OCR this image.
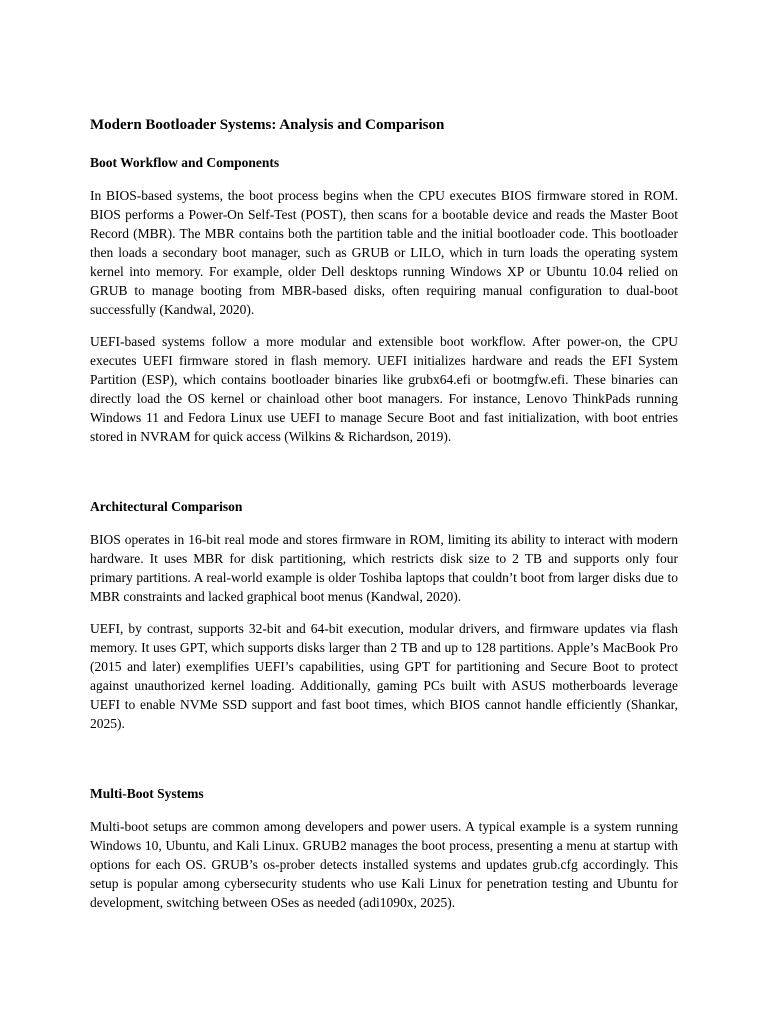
Modern Bootloader Systems: Analysis and Comparison
Boot Workflow and Components

In BIOS-based systems, the boot process begins when the CPU executes BIOS firmware stored in ROM. BIOS performs a Power-On Self-Test (POST), then scans for a bootable device and reads the Master Boot Record (MBR). The MBR contains both the partition table and the initial bootloader code. This bootloader then loads a secondary boot manager, such as GRUB or LILO, which in turn loads the operating system kernel into memory. For example, older Dell desktops running Windows XP or Ubuntu 10.04 relied on GRUB to manage booting from MBR-based disks, often requiring manual configuration to dual-boot successfully (Kandwal, 2020).

UEFI-based systems follow a more modular and extensible boot workflow. After power-on, the CPU executes UEFI firmware stored in flash memory. UEFI initializes hardware and reads the EFI System Partition (ESP), which contains bootloader binaries like grubx64.efi or bootmgfw.efi. These binaries can directly load the OS kernel or chainload other boot managers. For instance, Lenovo ThinkPads running Windows 11 and Fedora Linux use UEFI to manage Secure Boot and fast initialization, with boot entries stored in NVRAM for quick access (Wilkins & Richardson, 2019).

Architectural Comparison

BIOS operates in 16-bit real mode and stores firmware in ROM, limiting its ability to interact with modern hardware. It uses MBR for disk partitioning, which restricts disk size to 2 TB and supports only four primary partitions. A real-world example is older Toshiba laptops that couldn’t boot from larger disks due to MBR constraints and lacked graphical boot menus (Kandwal, 2020).

UEFI, by contrast, supports 32-bit and 64-bit execution, modular drivers, and firmware updates via flash memory. It uses GPT, which supports disks larger than 2 TB and up to 128 partitions. Apple’s MacBook Pro (2015 and later) exemplifies UEFI’s capabilities, using GPT for partitioning and Secure Boot to protect against unauthorized kernel loading. Additionally, gaming PCs built with ASUS motherboards leverage UEFI to enable NVMe SSD support and fast boot times, which BIOS cannot handle efficiently (Shankar, 2025).

Multi-Boot Systems

Multi-boot setups are common among developers and power users. A typical example is a system running Windows 10, Ubuntu, and Kali Linux. GRUB2 manages the boot process, presenting a menu at startup with options for each OS. GRUB’s os-prober detects installed systems and updates grub.cfg accordingly. This setup is popular among cybersecurity students who use Kali Linux for penetration testing and Ubuntu for development, switching between OSes as needed (adi1090x, 2025).
